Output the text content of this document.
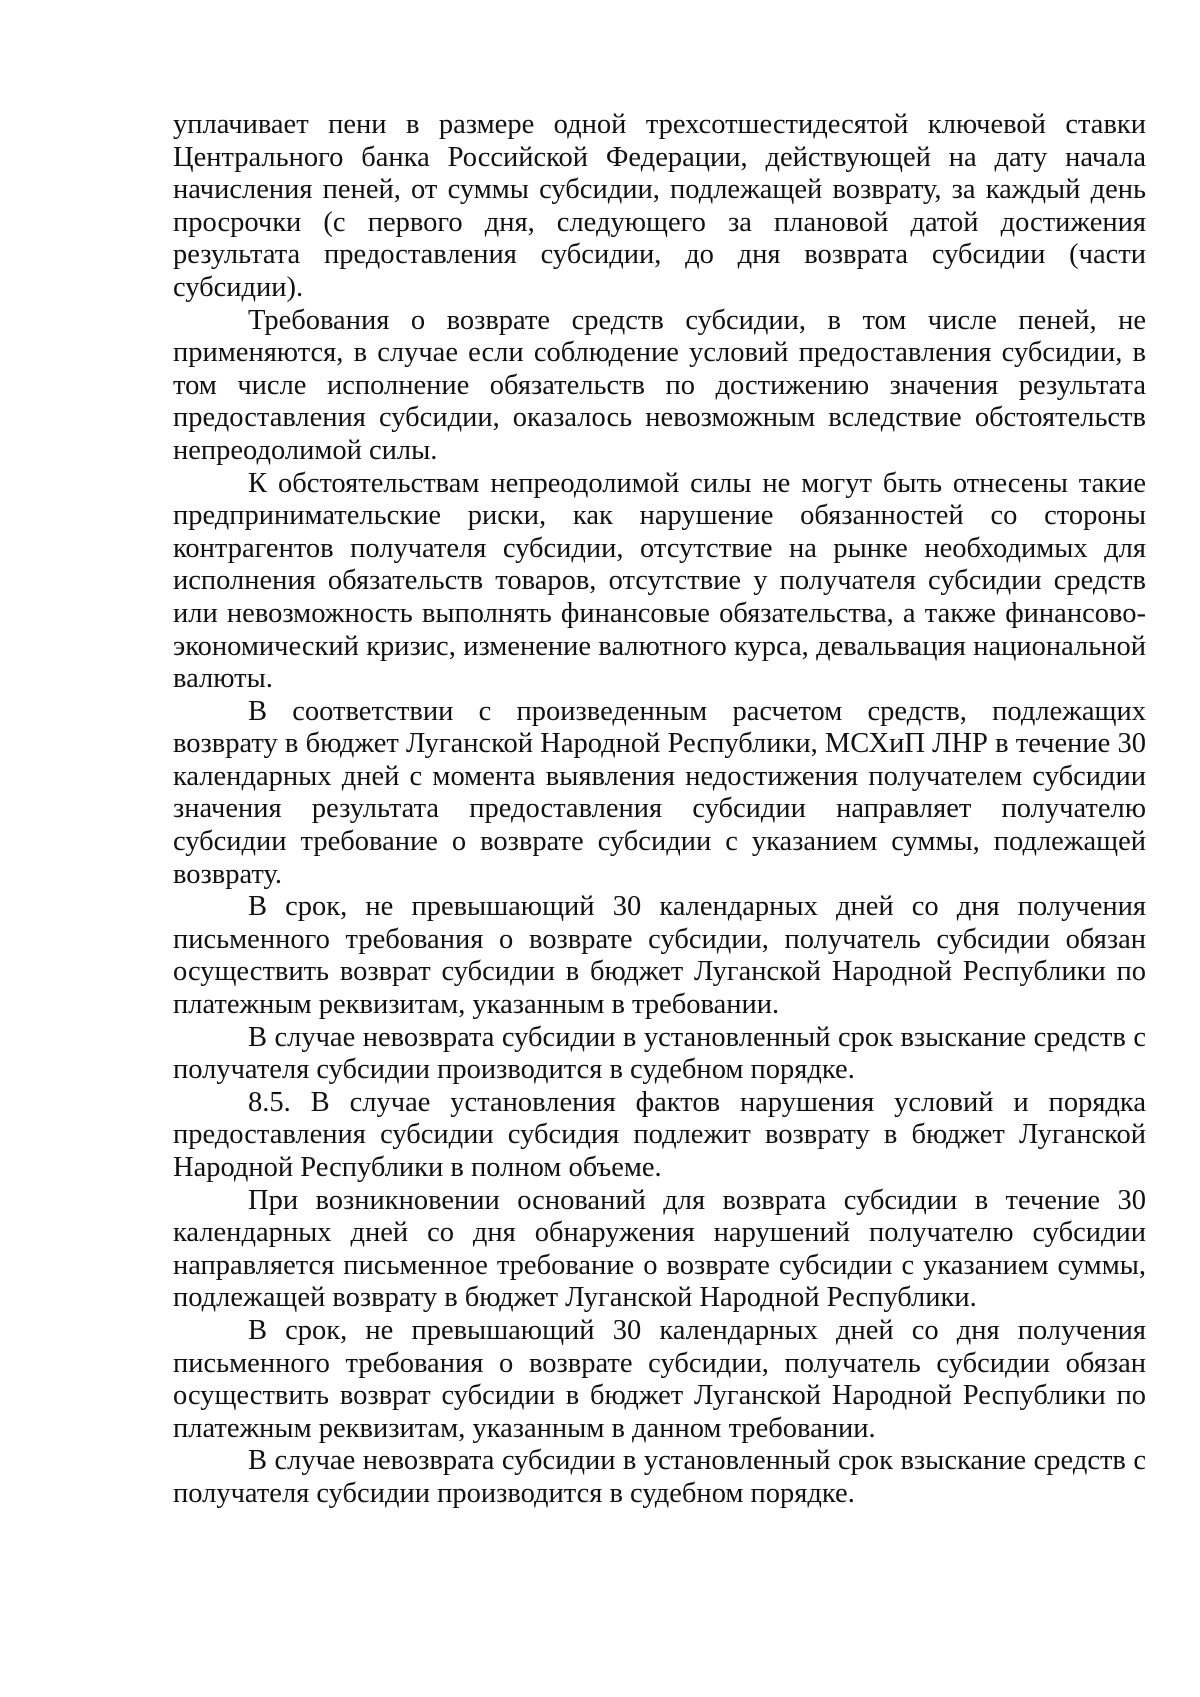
уплачивает пени в размере одной трехсотшестидесятой ключевой ставки Центрального банка Российской Федерации, действующей на дату начала начисления пеней, от суммы субсидии, подлежащей возврату, за каждый день просрочки (с первого дня, следующего за плановой датой достижения результата предоставления субсидии, до дня возврата субсидии (части субсидии).

Требования о возврате средств субсидии, в том числе пеней, не применяются, в случае если соблюдение условий предоставления субсидии, в том числе исполнение обязательств по достижению значения результата предоставления субсидии, оказалось невозможным вследствие обстоятельств непреодолимой силы.

К обстоятельствам непреодолимой силы не могут быть отнесены такие предпринимательские риски, как нарушение обязанностей со стороны контрагентов получателя субсидии, отсутствие на рынке необходимых для исполнения обязательств товаров, отсутствие у получателя субсидии средств или невозможность выполнять финансовые обязательства, а также финансово-экономический кризис, изменение валютного курса, девальвация национальной валюты.

В соответствии с произведенным расчетом средств, подлежащих возврату в бюджет Луганской Народной Республики, МСХиП ЛНР в течение 30 календарных дней с момента выявления недостижения получателем субсидии значения результата предоставления субсидии направляет получателю субсидии требование о возврате субсидии с указанием суммы, подлежащей возврату.

В срок, не превышающий 30 календарных дней со дня получения письменного требования о возврате субсидии, получатель субсидии обязан осуществить возврат субсидии в бюджет Луганской Народной Республики по платежным реквизитам, указанным в требовании.

В случае невозврата субсидии в установленный срок взыскание средств с получателя субсидии производится в судебном порядке.

8.5. В случае установления фактов нарушения условий и порядка предоставления субсидии субсидия подлежит возврату в бюджет Луганской Народной Республики в полном объеме.

При возникновении оснований для возврата субсидии в течение 30 календарных дней со дня обнаружения нарушений получателю субсидии направляется письменное требование о возврате субсидии с указанием суммы, подлежащей возврату в бюджет Луганской Народной Республики.

В срок, не превышающий 30 календарных дней со дня получения письменного требования о возврате субсидии, получатель субсидии обязан осуществить возврат субсидии в бюджет Луганской Народной Республики по платежным реквизитам, указанным в данном требовании.

В случае невозврата субсидии в установленный срок взыскание средств с получателя субсидии производится в судебном порядке.
